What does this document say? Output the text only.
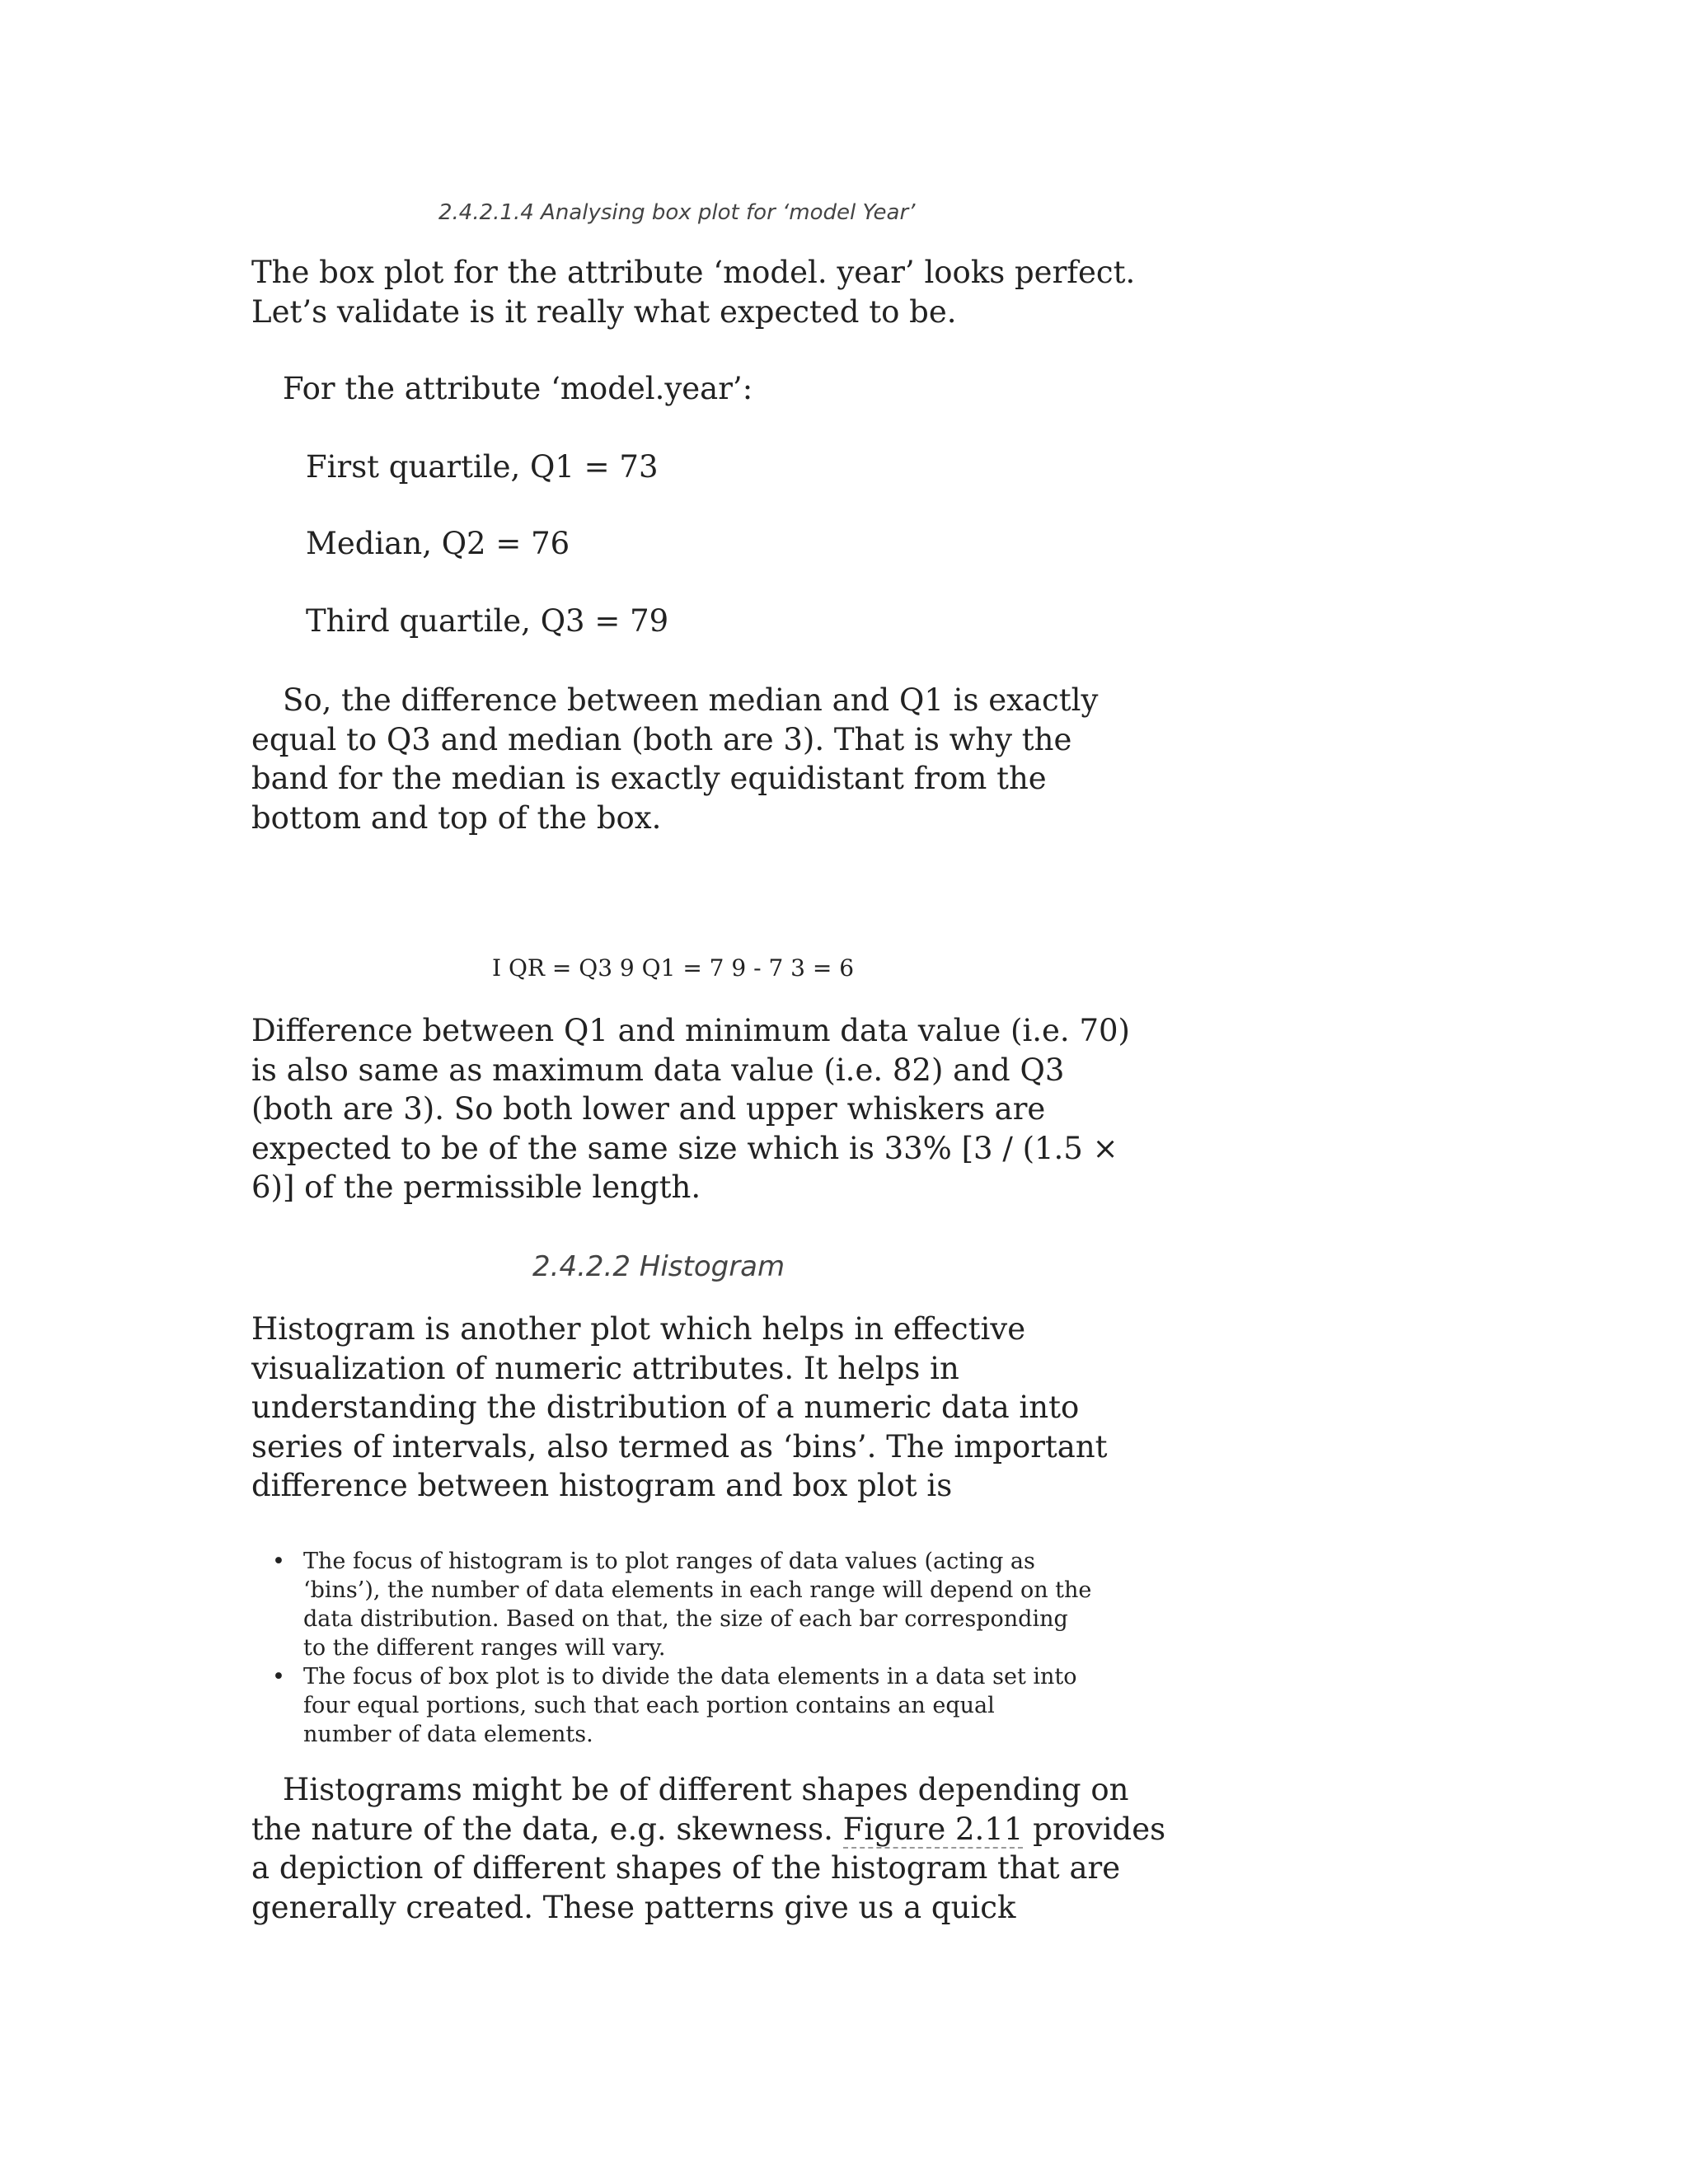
2.4.2.1.4 Analysing box plot for ‘model Year’
The box plot for the attribute ‘model. year’ looks perfect.
Let’s validate is it really what expected to be.
For the attribute ‘model.year’:
First quartile, Q1 = 73
Median, Q2 = 76
Third quartile, Q3 = 79
So, the difference between median and Q1 is exactly
equal to Q3 and median (both are 3). That is why the
band for the median is exactly equidistant from the
bottom and top of the box.
I QR = Q3 9 Q1 = 7 9 - 7 3 = 6
Difference between Q1 and minimum data value (i.e. 70)
is also same as maximum data value (i.e. 82) and Q3
(both are 3). So both lower and upper whiskers are
expected to be of the same size which is 33% [3 / (1.5 ×
6)] of the permissible length.
2.4.2.2 Histogram
Histogram is another plot which helps in effective
visualization of numeric attributes. It helps in
understanding the distribution of a numeric data into
series of intervals, also termed as ‘bins’. The important
difference between histogram and box plot is
• The focus of histogram is to plot ranges of data values (acting as
‘bins’), the number of data elements in each range will depend on the
data distribution. Based on that, the size of each bar corresponding
to the different ranges will vary.
• The focus of box plot is to divide the data elements in a data set into
four equal portions, such that each portion contains an equal
number of data elements.
Histograms might be of different shapes depending on
the nature of the data, e.g. skewness. Figure 2.11 provides
a depiction of different shapes of the histogram that are
generally created. These patterns give us a quick
